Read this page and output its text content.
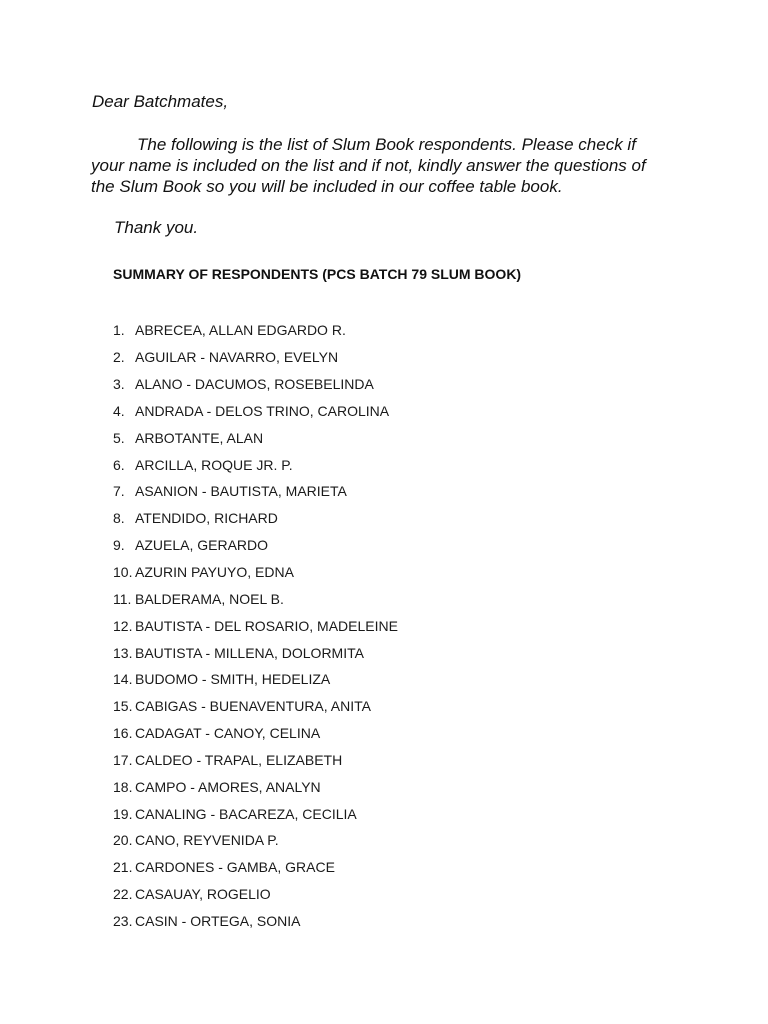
Dear Batchmates,
The following is the list of Slum Book respondents. Please check if
your name is included on the list and if not, kindly answer the questions of
the Slum Book so you will be included in our coffee table book.
Thank you.
SUMMARY OF RESPONDENTS (PCS BATCH 79 SLUM BOOK)
1. ABRECEA, ALLAN EDGARDO R.
2. AGUILAR - NAVARRO, EVELYN
3. ALANO - DACUMOS, ROSEBELINDA
4. ANDRADA - DELOS TRINO, CAROLINA
5. ARBOTANTE, ALAN
6. ARCILLA, ROQUE JR. P.
7. ASANION - BAUTISTA, MARIETA
8. ATENDIDO, RICHARD
9. AZUELA, GERARDO
10. AZURIN PAYUYO, EDNA
11. BALDERAMA, NOEL B.
12. BAUTISTA - DEL ROSARIO, MADELEINE
13. BAUTISTA - MILLENA, DOLORMITA
14. BUDOMO - SMITH, HEDELIZA
15. CABIGAS - BUENAVENTURA, ANITA
16. CADAGAT - CANOY, CELINA
17. CALDEO - TRAPAL, ELIZABETH
18. CAMPO - AMORES, ANALYN
19. CANALING - BACAREZA, CECILIA
20. CANO, REYVENIDA P.
21. CARDONES - GAMBA, GRACE
22. CASAUAY, ROGELIO
23. CASIN - ORTEGA, SONIA
